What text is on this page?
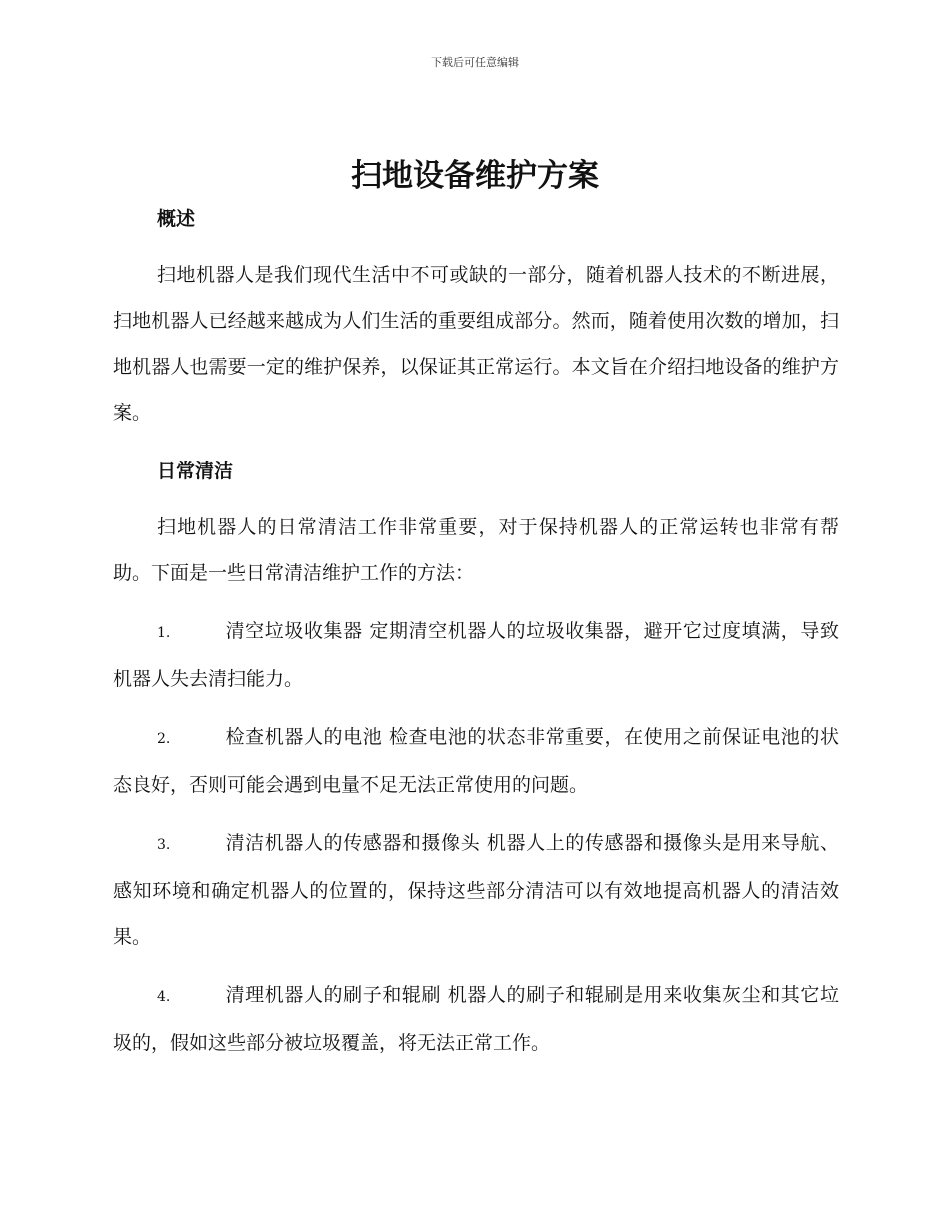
下载后可任意编辑
扫地设备维护方案
概述

扫地机器人是我们现代生活中不可或缺的一部分，随着机器人技术的不断进展，扫地机器人已经越来越成为人们生活的重要组成部分。然而，随着使用次数的增加，扫地机器人也需要一定的维护保养，以保证其正常运行。本文旨在介绍扫地设备的维护方案。

日常清洁

扫地机器人的日常清洁工作非常重要，对于保持机器人的正常运转也非常有帮助。下面是一些日常清洁维护工作的方法：

1.	清空垃圾收集器 定期清空机器人的垃圾收集器，避开它过度填满，导致机器人失去清扫能力。

2.	检查机器人的电池 检查电池的状态非常重要，在使用之前保证电池的状态良好，否则可能会遇到电量不足无法正常使用的问题。

3.	清洁机器人的传感器和摄像头 机器人上的传感器和摄像头是用来导航、感知环境和确定机器人的位置的，保持这些部分清洁可以有效地提高机器人的清洁效果。

4.	清理机器人的刷子和辊刷 机器人的刷子和辊刷是用来收集灰尘和其它垃圾的，假如这些部分被垃圾覆盖，将无法正常工作。
